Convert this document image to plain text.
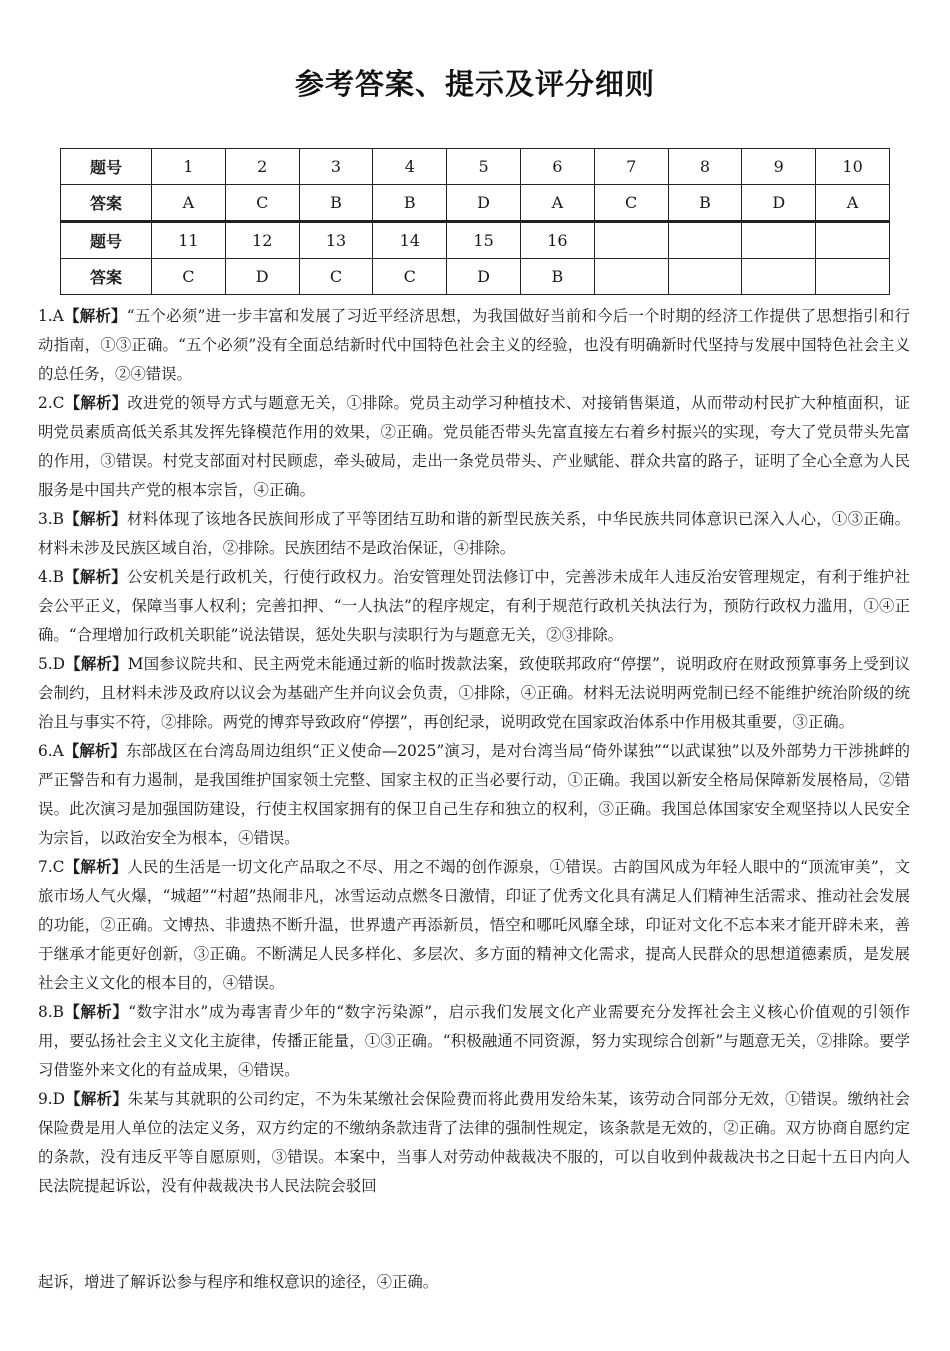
参考答案、提示及评分细则
题号	1	2	3	4	5	6	7	8	9	10
答案	A	C	B	B	D	A	C	B	D	A
题号	11	12	13	14	15	16				
答案	C	D	C	C	D	B				
1.A【解析】“五个必须”进一步丰富和发展了习近平经济思想，为我国做好当前和今后一个时期的经济工作提供了思想指引和行动指南，①③正确。“五个必须”没有全面总结新时代中国特色社会主义的经验，也没有明确新时代坚持与发展中国特色社会主义的总任务，②④错误。
2.C【解析】改进党的领导方式与题意无关，①排除。党员主动学习种植技术、对接销售渠道，从而带动村民扩大种植面积，证明党员素质高低关系其发挥先锋模范作用的效果，②正确。党员能否带头先富直接左右着乡村振兴的实现，夸大了党员带头先富的作用，③错误。村党支部面对村民顾虑，牵头破局，走出一条党员带头、产业赋能、群众共富的路子，证明了全心全意为人民服务是中国共产党的根本宗旨，④正确。
3.B【解析】材料体现了该地各民族间形成了平等团结互助和谐的新型民族关系，中华民族共同体意识已深入人心，①③正确。材料未涉及民族区域自治，②排除。民族团结不是政治保证，④排除。
4.B【解析】公安机关是行政机关，行使行政权力。治安管理处罚法修订中，完善涉未成年人违反治安管理规定，有利于维护社会公平正义，保障当事人权利；完善扣押、“一人执法”的程序规定，有利于规范行政机关执法行为，预防行政权力滥用，①④正确。“合理增加行政机关职能”说法错误，惩处失职与渎职行为与题意无关，②③排除。
5.D【解析】M国参议院共和、民主两党未能通过新的临时拨款法案，致使联邦政府“停摆”，说明政府在财政预算事务上受到议会制约，且材料未涉及政府以议会为基础产生并向议会负责，①排除，④正确。材料无法说明两党制已经不能维护统治阶级的统治且与事实不符，②排除。两党的博弈导致政府“停摆”，再创纪录，说明政党在国家政治体系中作用极其重要，③正确。
6.A【解析】东部战区在台湾岛周边组织“正义使命—2025”演习，是对台湾当局“倚外谋独”“以武谋独”以及外部势力干涉挑衅的严正警告和有力遏制，是我国维护国家领土完整、国家主权的正当必要行动，①正确。我国以新安全格局保障新发展格局，②错误。此次演习是加强国防建设，行使主权国家拥有的保卫自己生存和独立的权利，③正确。我国总体国家安全观坚持以人民安全为宗旨，以政治安全为根本，④错误。
7.C【解析】人民的生活是一切文化产品取之不尽、用之不竭的创作源泉，①错误。古韵国风成为年轻人眼中的“顶流审美”，文旅市场人气火爆，“城超”“村超”热闹非凡，冰雪运动点燃冬日激情，印证了优秀文化具有满足人们精神生活需求、推动社会发展的功能，②正确。文博热、非遗热不断升温，世界遗产再添新员，悟空和哪吒风靡全球，印证对文化不忘本来才能开辟未来，善于继承才能更好创新，③正确。不断满足人民多样化、多层次、多方面的精神文化需求，提高人民群众的思想道德素质，是发展社会主义文化的根本目的，④错误。
8.B【解析】“数字泔水”成为毒害青少年的“数字污染源”，启示我们发展文化产业需要充分发挥社会主义核心价值观的引领作用，要弘扬社会主义文化主旋律，传播正能量，①③正确。“积极融通不同资源，努力实现综合创新”与题意无关，②排除。要学习借鉴外来文化的有益成果，④错误。
9.D【解析】朱某与其就职的公司约定，不为朱某缴社会保险费而将此费用发给朱某，该劳动合同部分无效，①错误。缴纳社会保险费是用人单位的法定义务，双方约定的不缴纳条款违背了法律的强制性规定，该条款是无效的，②正确。双方协商自愿约定的条款，没有违反平等自愿原则，③错误。本案中，当事人对劳动仲裁裁决不服的，可以自收到仲裁裁决书之日起十五日内向人民法院提起诉讼，没有仲裁裁决书人民法院会驳回
起诉，增进了解诉讼参与程序和维权意识的途径，④正确。
